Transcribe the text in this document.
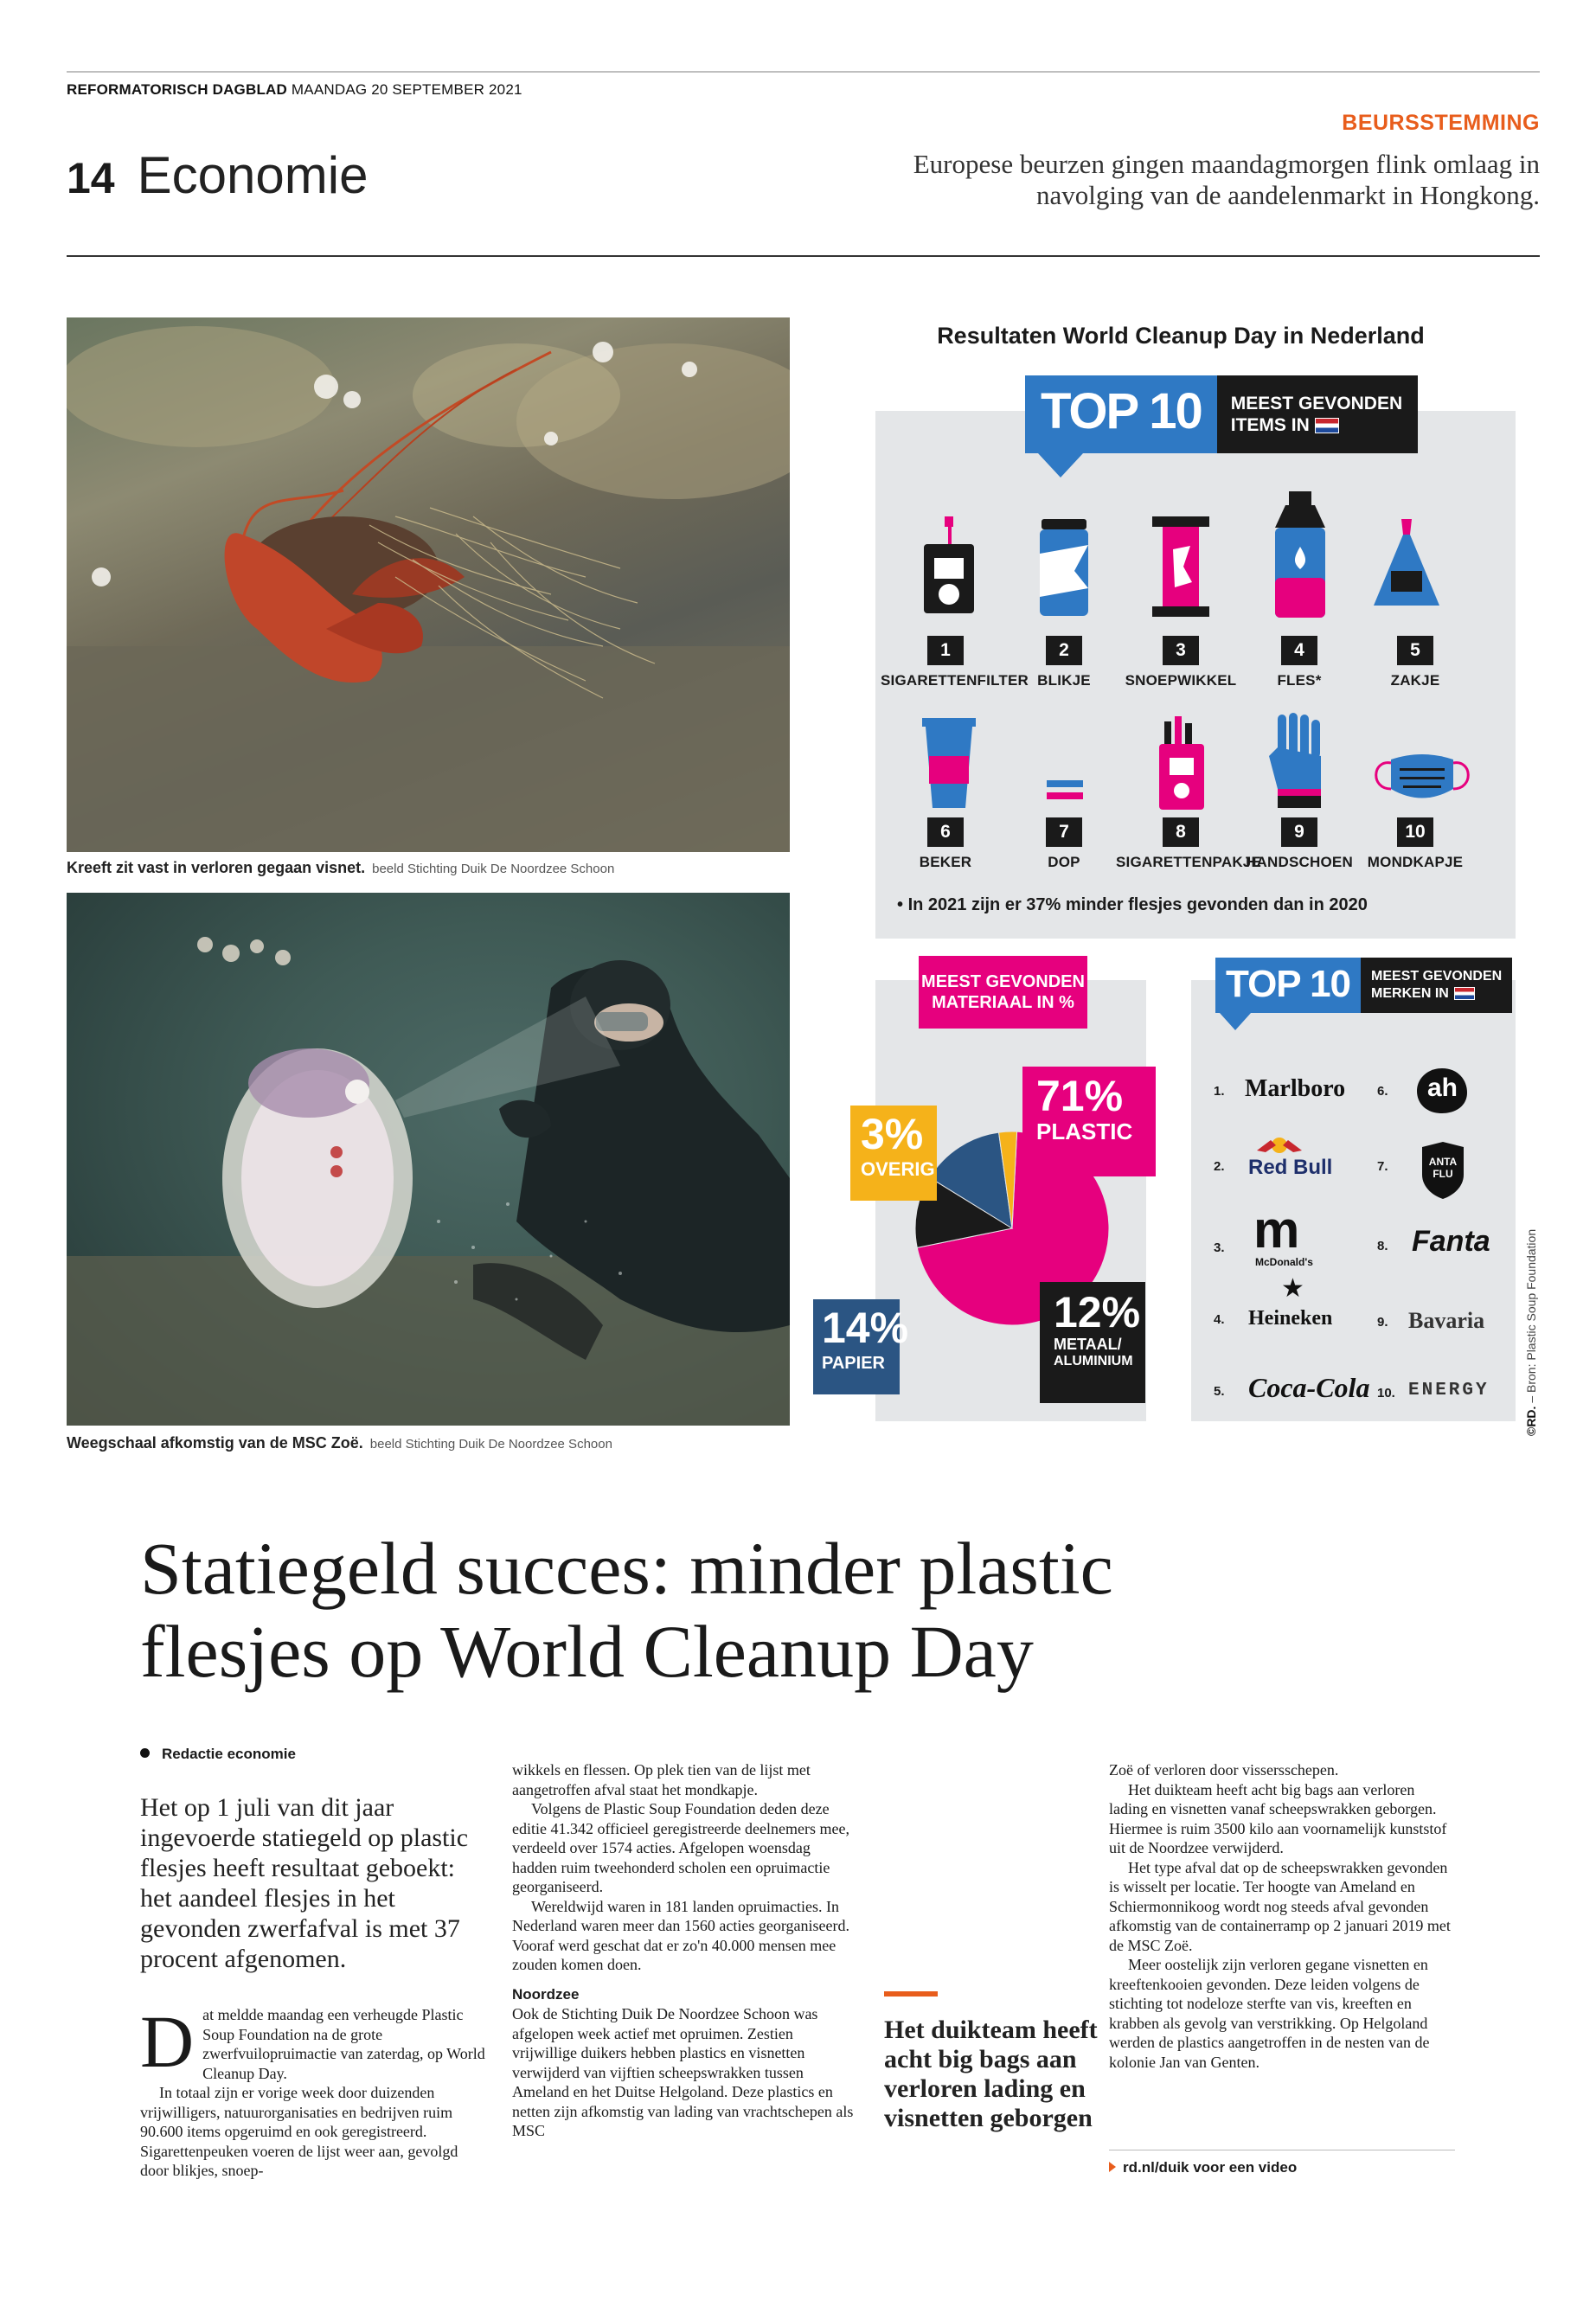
REFORMATORISCH DAGBLAD MAANDAG 20 SEPTEMBER 2021
14 Economie
BEURSSTEMMING
Europese beurzen gingen maandagmorgen flink omlaag in navolging van de aandelenmarkt in Hongkong.
Kreeft zit vast in verloren gegaan visnet. beeld Stichting Duik De Noordzee Schoon
Weegschaal afkomstig van de MSC Zoë. beeld Stichting Duik De Noordzee Schoon
Resultaten World Cleanup Day in Nederland
TOP 10	MEEST GEVONDEN
ITEMS IN
1
SIGARETTENFILTER
2
BLIKJE
3
SNOEPWIKKEL
4
FLES*
5
ZAKJE
6
BEKER
7
DOP
8
SIGARETTENPAKJE
9
HANDSCHOEN
10
MONDKAPJE
• In 2021 zijn er 37% minder flesjes gevonden dan in 2020
MEEST GEVONDEN
MATERIAAL IN %
71%
PLASTIC
3%
OVERIG
14%
PAPIER
12%
METAAL/
ALUMINIUM
TOP 10	MEEST GEVONDEN
MERKEN IN
1. Marlboro
2. Red Bull
3. m
McDonald's
4.
★
Heineken
5. Coca-Cola
6. ah
7.	ANTA FLU
8. Fanta
9. Bavaria
10. ENERGY
©RD. – Bron: Plastic Soup Foundation
Statiegeld succes: minder plastic flesjes op World Cleanup Day
Redactie economie
Het op 1 juli van dit jaar ingevoerde statiegeld op plastic flesjes heeft resultaat geboekt: het aandeel flesjes in het gevonden zwerfafval is met 37 procent afgenomen.

Dat meldde maandag een verheugde Plastic Soup Foundation na de grote zwerfvuilopruimactie van zaterdag, op World Cleanup Day.

In totaal zijn er vorige week door duizenden vrijwilligers, natuurorganisaties en bedrijven ruim 90.600 items opgeruimd en ook geregistreerd. Sigarettenpeuken voeren de lijst weer aan, gevolgd door blikjes, snoep-

wikkels en flessen. Op plek tien van de lijst met aangetroffen afval staat het mondkapje.

Volgens de Plastic Soup Foundation deden deze editie 41.342 officieel geregistreerde deelnemers mee, verdeeld over 1574 acties. Afgelopen woensdag hadden ruim tweehonderd scholen een opruimactie georganiseerd.

Wereldwijd waren in 181 landen opruimacties. In Nederland waren meer dan 1560 acties georganiseerd. Vooraf werd geschat dat er zo'n 40.000 mensen mee zouden komen doen.

Noordzee

Ook de Stichting Duik De Noordzee Schoon was afgelopen week actief met opruimen. Zestien vrijwillige duikers hebben plastics en visnetten verwijderd van vijftien scheepswrakken tussen Ameland en het Duitse Helgoland. Deze plastics en netten zijn afkomstig van lading van vrachtschepen als MSC

Het duikteam heeft acht big bags aan verloren lading en visnetten geborgen

Zoë of verloren door vissersschepen.

Het duikteam heeft acht big bags aan verloren lading en visnetten vanaf scheepswrakken geborgen. Hiermee is ruim 3500 kilo aan voornamelijk kunststof uit de Noordzee verwijderd.

Het type afval dat op de scheepswrakken gevonden is wisselt per locatie. Ter hoogte van Ameland en Schiermonnikoog wordt nog steeds afval gevonden afkomstig van de containerramp op 2 januari 2019 met de MSC Zoë.

Meer oostelijk zijn verloren gegane visnetten en kreeftenkooien gevonden. Deze leiden volgens de stichting tot nodeloze sterfte van vis, kreeften en krabben als gevolg van verstrikking. Op Helgoland werden de plastics aangetroffen in de nesten van de kolonie Jan van Genten.

rd.nl/duik voor een video
